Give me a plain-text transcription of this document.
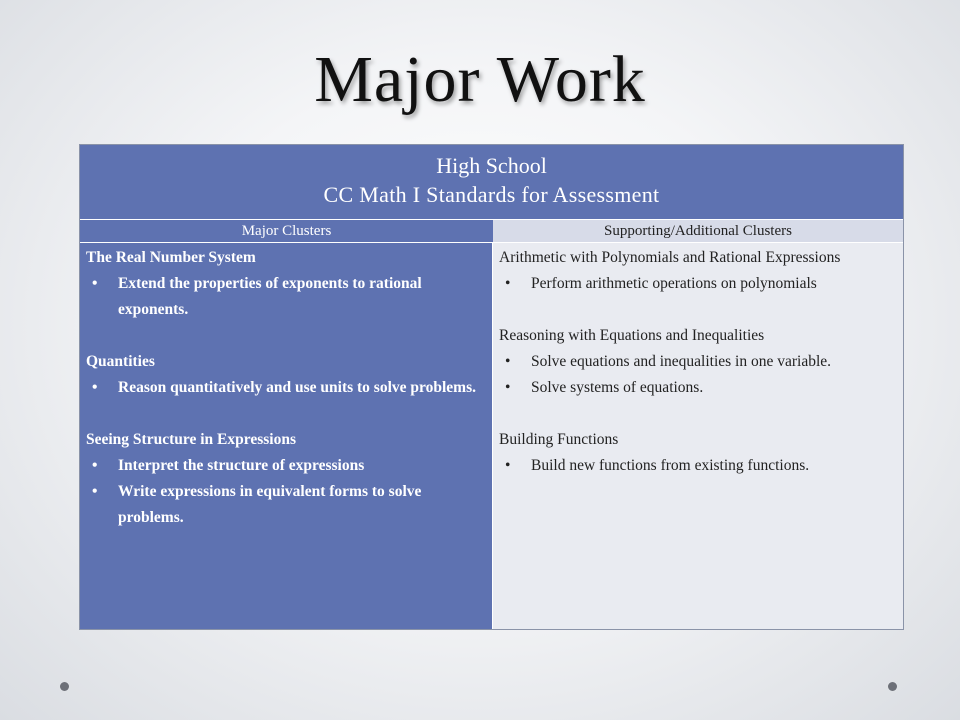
Major Work
High School
CC Math I Standards for Assessment
Major Clusters	Supporting/Additional Clusters
The Real Number System
• Extend the properties of exponents to rational exponents.
Quantities
• Reason quantitatively and use units to solve problems.
Seeing Structure in Expressions
• Interpret the structure of expressions
• Write expressions in equivalent forms to solve problems.
Arithmetic with Polynomials and Rational Expressions
• Perform arithmetic operations on polynomials
Reasoning with Equations and Inequalities
• Solve equations and inequalities in one variable.
• Solve systems of equations.
Building Functions
• Build new functions from existing functions.
